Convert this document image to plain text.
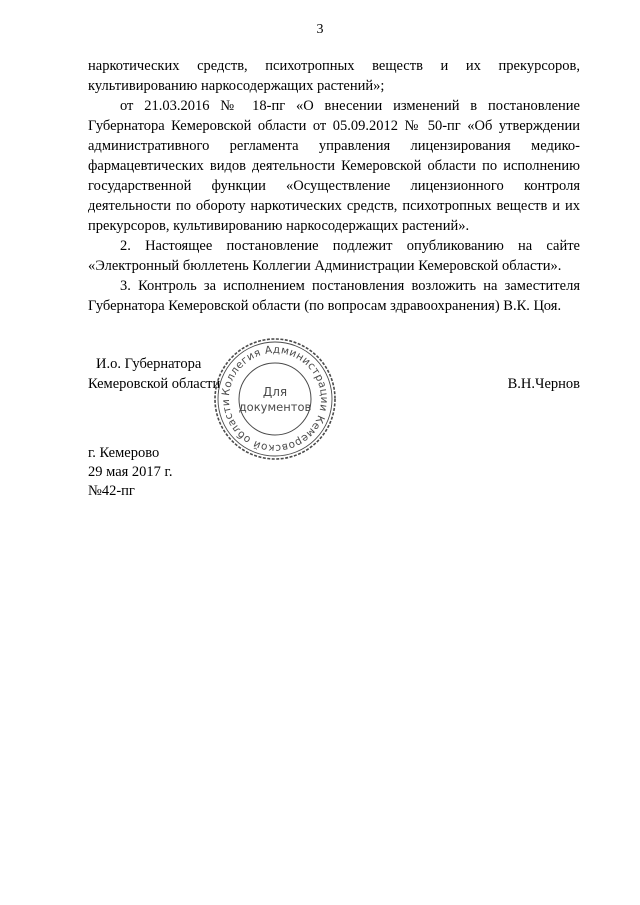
3

наркотических средств, психотропных веществ и их прекурсоров, культивированию наркосодержащих растений»;

от 21.03.2016 № 18-пг «О внесении изменений в постановление Губернатора Кемеровской области от 05.09.2012 № 50-пг «Об утверждении административного регламента управления лицензирования медико-фармацевтических видов деятельности Кемеровской области по исполнению государственной функции «Осуществление лицензионного контроля деятельности по обороту наркотических средств, психотропных веществ и их прекурсоров, культивированию наркосодержащих растений».

2. Настоящее постановление подлежит опубликованию на сайте «Электронный бюллетень Коллегии Администрации Кемеровской области».

3. Контроль за исполнением постановления возложить на заместителя Губернатора Кемеровской области (по вопросам здравоохранения) В.К. Цоя.

И.о. Губернатора
Кемеровской области	В.Н.Чернов
Коллегия Администрации Кемеровской области
Для
документов
г. Кемерово
29 мая 2017 г.
№42-пг
